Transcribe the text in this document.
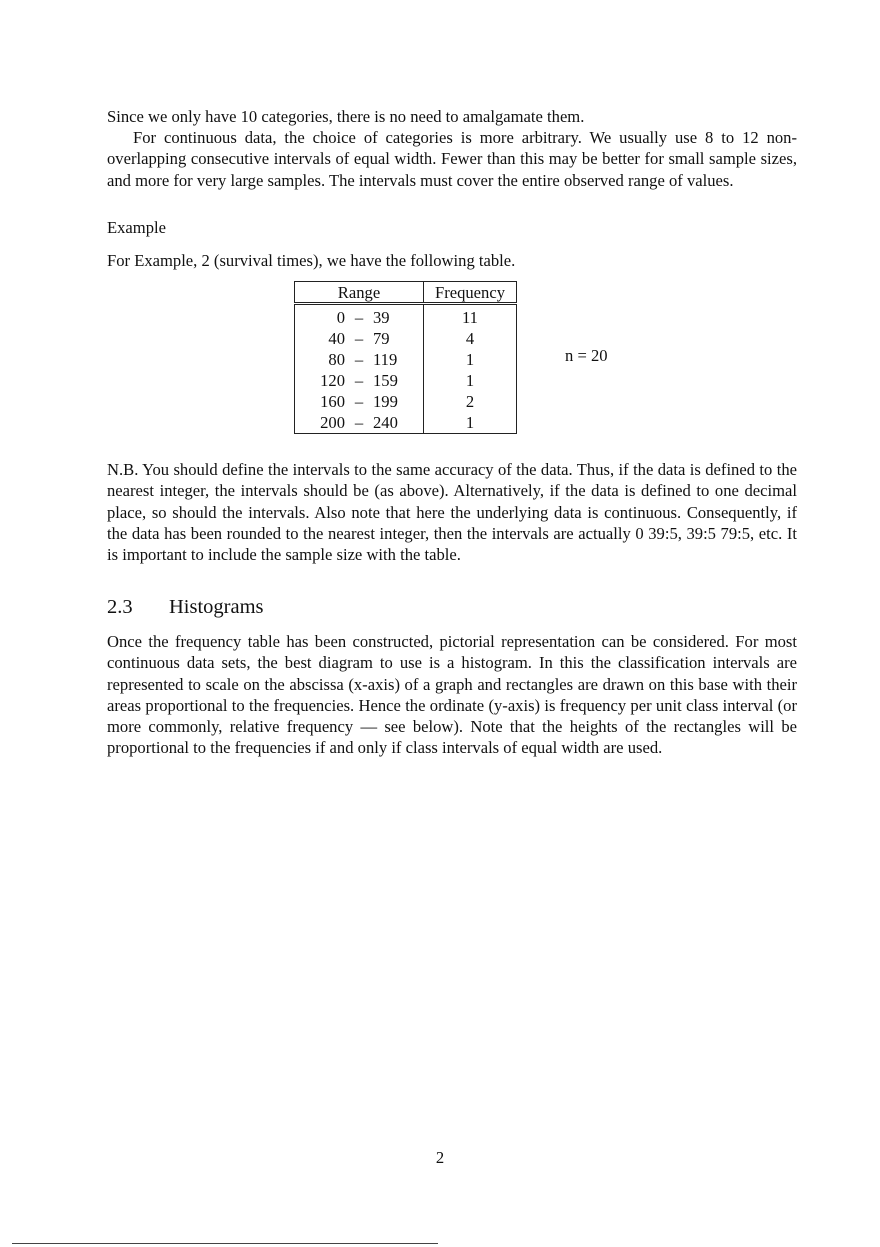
Since we only have 10 categories, there is no need to amalgamate them.

For continuous data, the choice of categories is more arbitrary. We usually use 8 to 12 non-overlapping consecutive intervals of equal width. Fewer than this may be better for small sample sizes, and more for very large samples. The intervals must cover the entire observed range of values.

Example

For Example, 2 (survival times), we have the following table.

Range	Frequency
0 – 39	11
40 – 79	4
80 – 119	1
120 – 159	1
160 – 199	2
200 – 240	1
n = 20

N.B. You should define the intervals to the same accuracy of the data. Thus, if the data is defined to the nearest integer, the intervals should be (as above). Alternatively, if the data is defined to one decimal place, so should the intervals. Also note that here the underlying data is continuous. Consequently, if the data has been rounded to the nearest integer, then the intervals are actually 0 39:5, 39:5 79:5, etc. It is important to include the sample size with the table.

2.3 Histograms

Once the frequency table has been constructed, pictorial representation can be considered. For most continuous data sets, the best diagram to use is a histogram. In this the classification intervals are represented to scale on the abscissa (x-axis) of a graph and rectangles are drawn on this base with their areas proportional to the frequencies. Hence the ordinate (y-axis) is frequency per unit class interval (or more commonly, relative frequency — see below). Note that the heights of the rectangles will be proportional to the frequencies if and only if class intervals of equal width are used.

2
